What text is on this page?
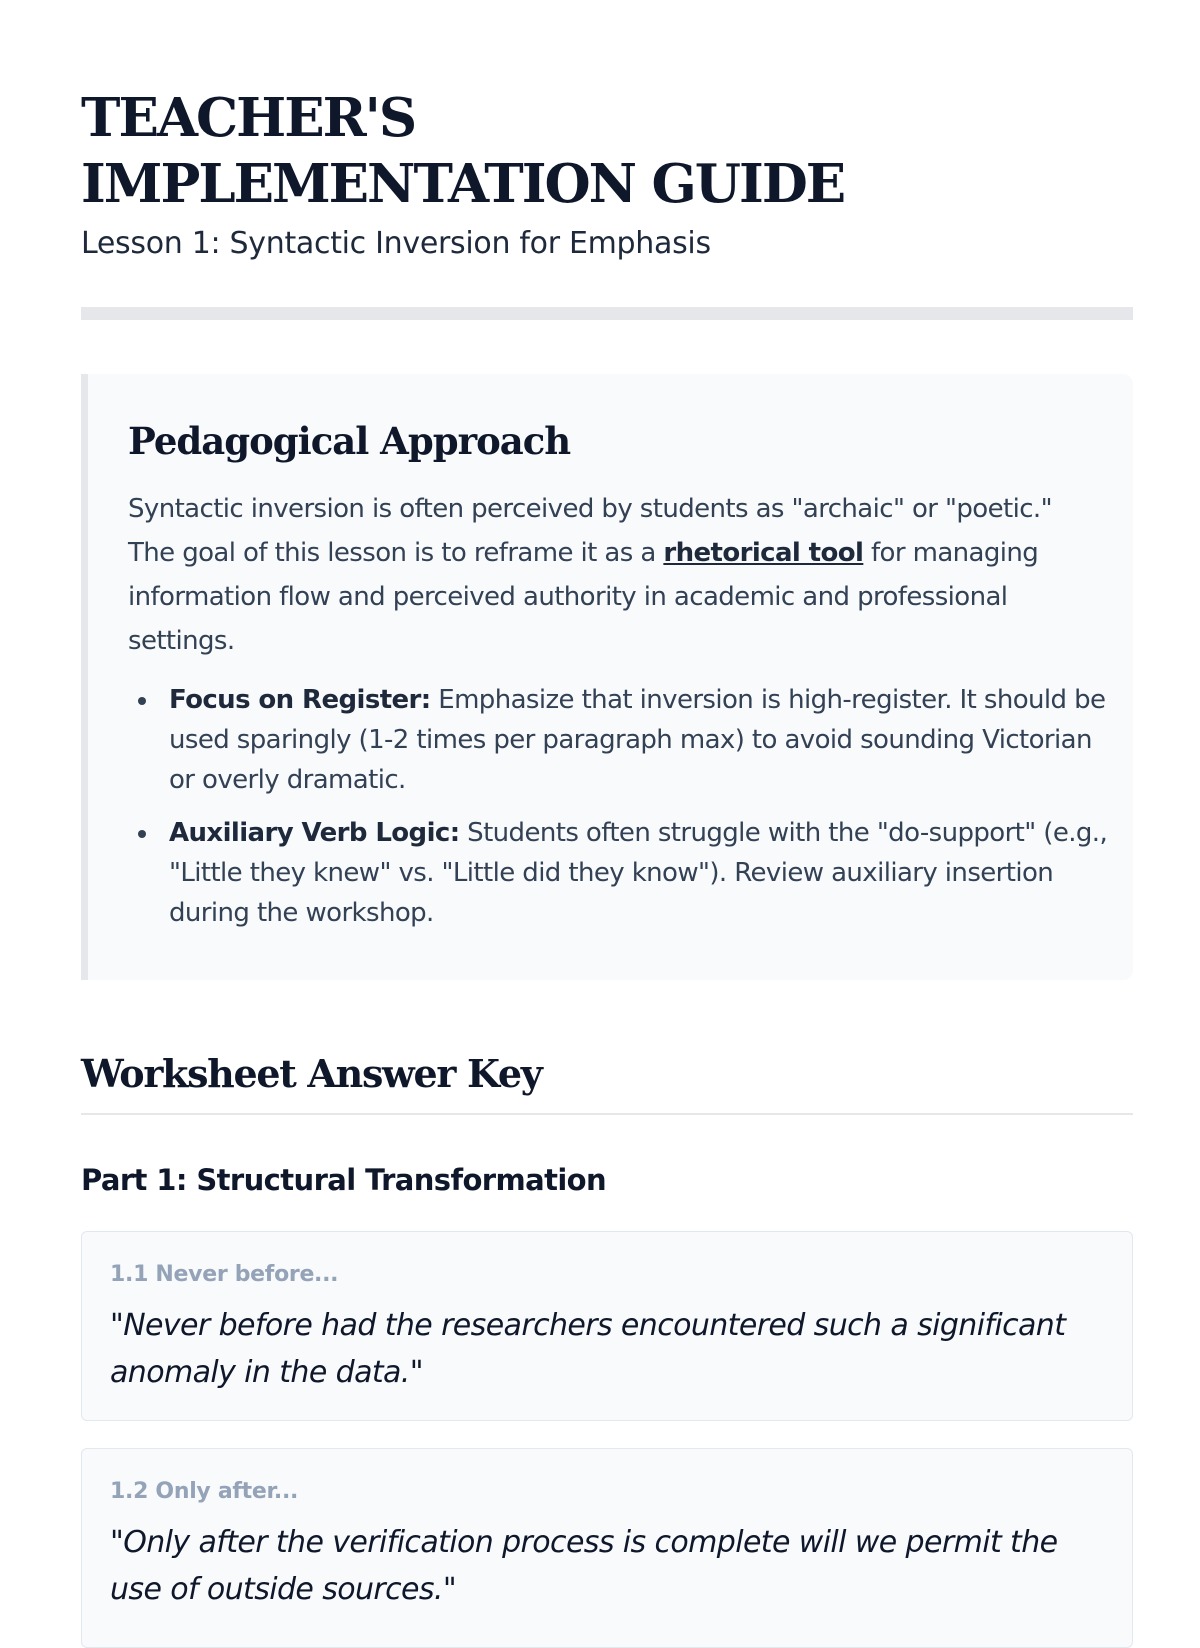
TEACHER'S
IMPLEMENTATION GUIDE

Lesson 1: Syntactic Inversion for Emphasis

Pedagogical Approach

Syntactic inversion is often perceived by students as "archaic" or "poetic." The goal of this lesson is to reframe it as a rhetorical tool for managing information flow and perceived authority in academic and professional settings.

Focus on Register: Emphasize that inversion is high-register. It should be used sparingly (1-2 times per paragraph max) to avoid sounding Victorian or overly dramatic.
Auxiliary Verb Logic: Students often struggle with the "do-support" (e.g., "Little they knew" vs. "Little did they know"). Review auxiliary insertion during the workshop.
Worksheet Answer Key
Part 1: Structural Transformation

1.1 Never before...

"Never before had the researchers encountered such a significant anomaly in the data."

1.2 Only after...

"Only after the verification process is complete will we permit the use of outside sources."
